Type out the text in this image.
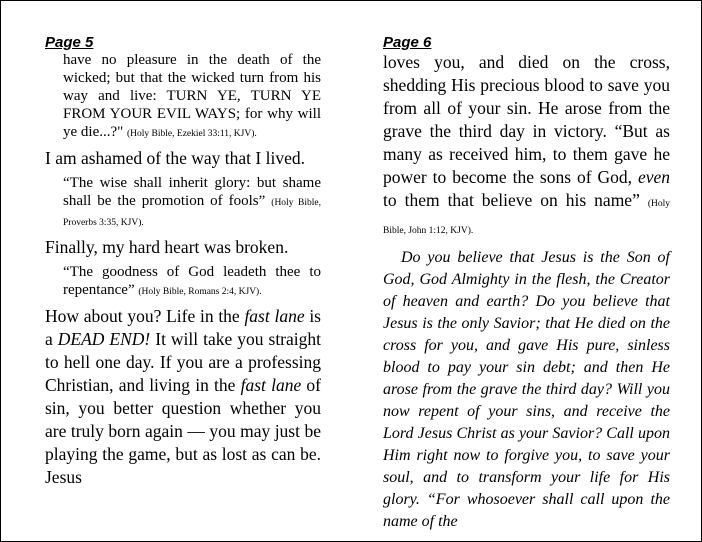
Page 5

have no pleasure in the death of the wicked; but that the wicked turn from his way and live: TURN YE, TURN YE FROM YOUR EVIL WAYS; for why will ye die...?" (Holy Bible, Ezekiel 33:11, KJV).

I am ashamed of the way that I lived.

“The wise shall inherit glory: but shame shall be the promotion of fools” (Holy Bible, Proverbs 3:35, KJV).

Finally, my hard heart was broken.

“The goodness of God leadeth thee to repentance” (Holy Bible, Romans 2:4, KJV).

How about you? Life in the fast lane is a DEAD END! It will take you straight to hell one day. If you are a professing Christian, and living in the fast lane of sin, you better question whether you are truly born again — you may just be playing the game, but as lost as can be. Jesus

Page 6

loves you, and died on the cross, shedding His precious blood to save you from all of your sin. He arose from the grave the third day in victory. “But as many as received him, to them gave he power to become the sons of God, even to them that believe on his name” (Holy Bible, John 1:12, KJV).

Do you believe that Jesus is the Son of God, God Almighty in the flesh, the Creator of heaven and earth? Do you believe that Jesus is the only Savior; that He died on the cross for you, and gave His pure, sinless blood to pay your sin debt; and then He arose from the grave the third day? Will you now repent of your sins, and receive the Lord Jesus Christ as your Savior? Call upon Him right now to forgive you, to save your soul, and to transform your life for His glory. “For whosoever shall call upon the name of the
